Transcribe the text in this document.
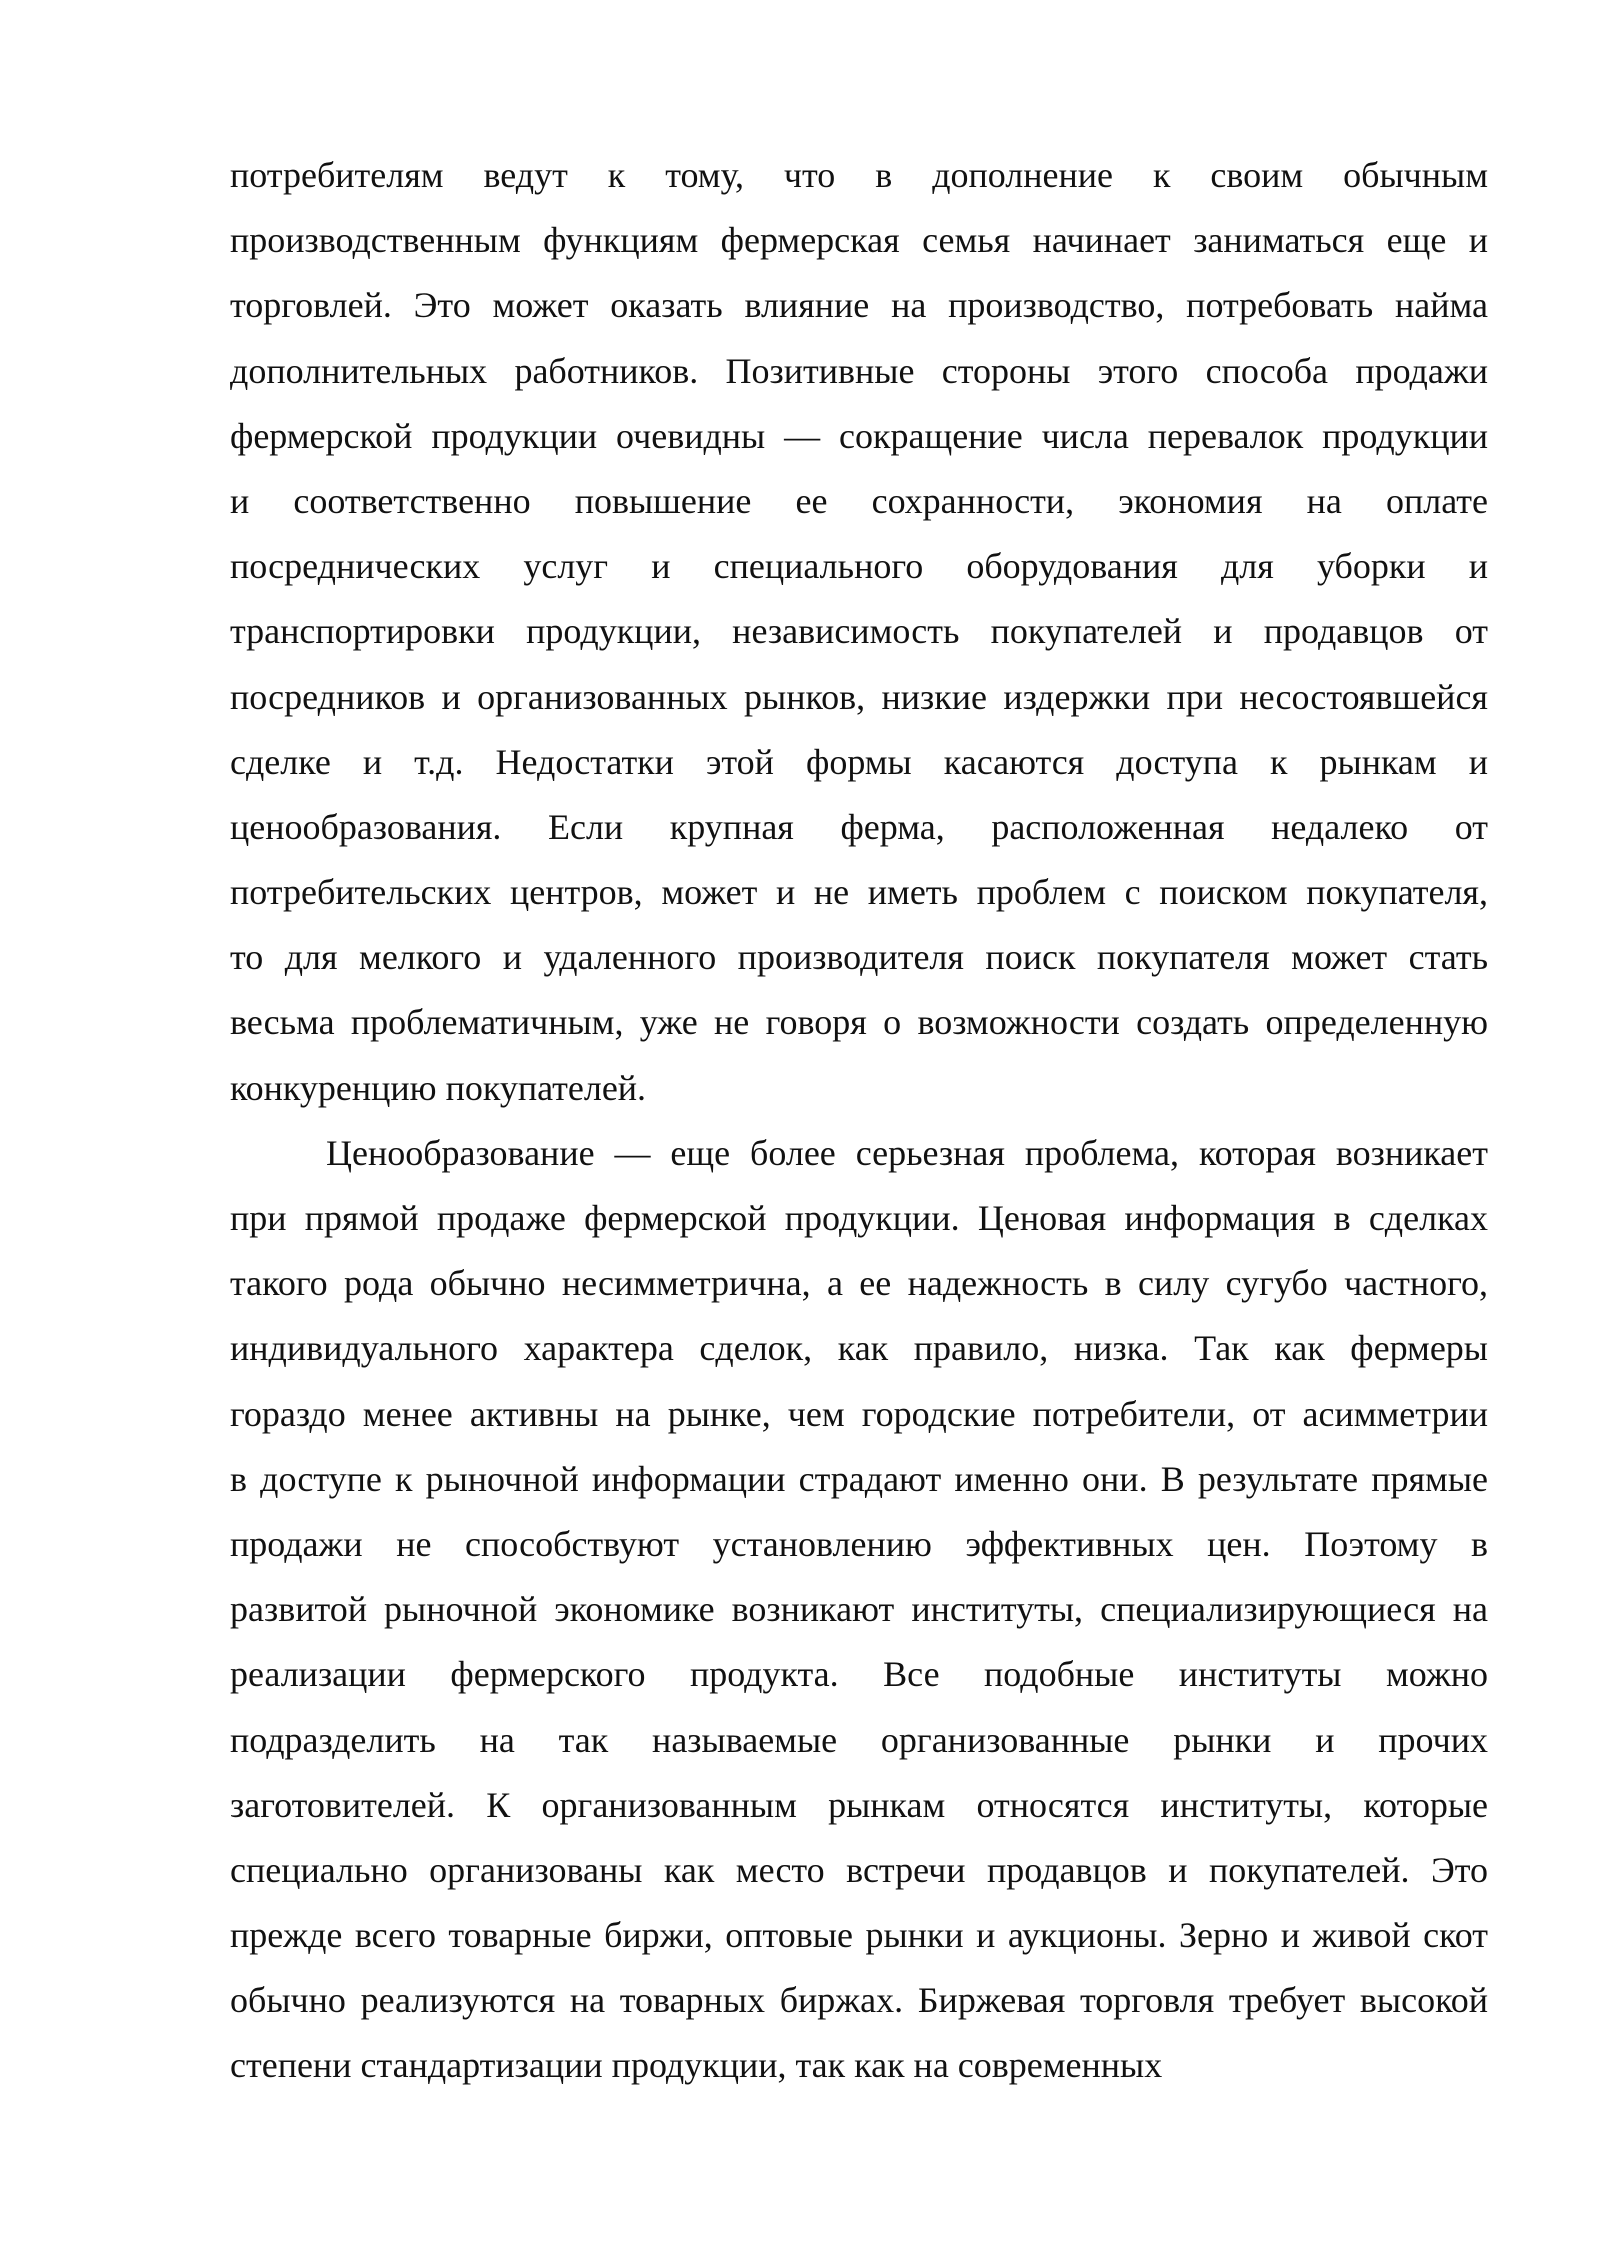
потребителям ведут к тому, что в дополнение к своим обычным
производственным функциям фермерская семья начинает заниматься еще и
торговлей. Это может оказать влияние на производство, потребовать найма
дополнительных работников. Позитивные стороны этого способа продажи
фермерской продукции очевидны — сокращение числа перевалок продукции
и соответственно повышение ее сохранности, экономия на оплате
посреднических услуг и специального оборудования для уборки и
транспортировки продукции, независимость покупателей и продавцов от
посредников и организованных рынков, низкие издержки при несостоявшейся
сделке и т.д. Недостатки этой формы касаются доступа к рынкам и
ценообразования. Если крупная ферма, расположенная недалеко от
потребительских центров, может и не иметь проблем с поиском покупателя,
то для мелкого и удаленного производителя поиск покупателя может стать
весьма проблематичным, уже не говоря о возможности создать определенную
конкуренцию покупателей.
Ценообразование — еще более серьезная проблема, которая возникает
при прямой продаже фермерской продукции. Ценовая информация в сделках
такого рода обычно несимметрична, а ее надежность в силу сугубо частного,
индивидуального характера сделок, как правило, низка. Так как фермеры
гораздо менее активны на рынке, чем городские потребители, от асимметрии
в доступе к рыночной информации страдают именно они. В результате прямые
продажи не способствуют установлению эффективных цен. Поэтому в
развитой рыночной экономике возникают институты, специализирующиеся на
реализации фермерского продукта. Все подобные институты можно
подразделить на так называемые организованные рынки и прочих
заготовителей. К организованным рынкам относятся институты, которые
специально организованы как место встречи продавцов и покупателей. Это
прежде всего товарные биржи, оптовые рынки и аукционы. Зерно и живой скот
обычно реализуются на товарных биржах. Биржевая торговля требует высокой
степени стандартизации продукции, так как на современных
